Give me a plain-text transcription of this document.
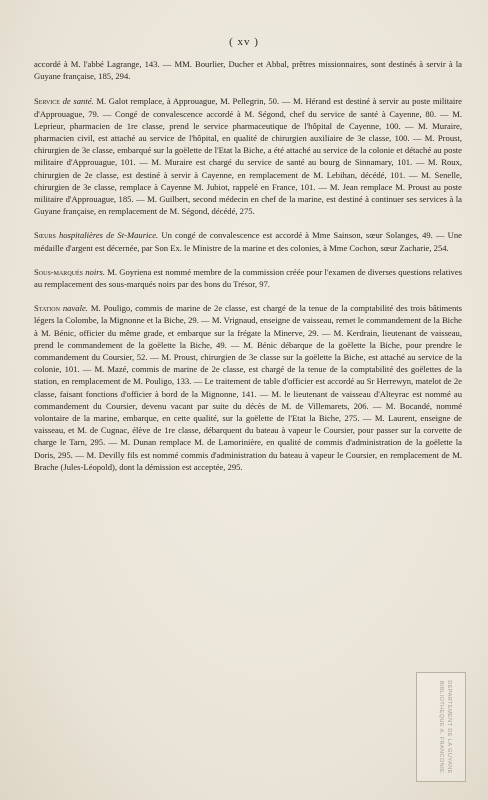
( xv )

accordé à M. l'abbé Lagrange, 143. — MM. Bourlier, Ducher et Abbal, prêtres missionnaires, sont destinés à servir à la Guyane française, 185, 294.

Service de santé. M. Galot remplace, à Approuague, M. Pellegrin, 50. — M. Hérand est destiné à servir au poste militaire d'Approuague, 79. — Congé de convalescence accordé à M. Ségond, chef du service de santé à Cayenne, 80. — M. Leprieur, pharmacien de 1re classe, prend le service pharmaceutique de l'hôpital de Cayenne, 100. — M. Muraire, pharmacien civil, est attaché au service de l'hôpital, en qualité de chirurgien auxiliaire de 3e classe, 100. — M. Proust, chirurgien de 3e classe, embarqué sur la goëlette de l'Etat la Biche, a été attaché au service de la colonie et détaché au poste militaire d'Approuague, 101. — M. Muraire est chargé du service de santé au bourg de Sinnamary, 101. — M. Roux, chirurgien de 2e classe, est destiné à servir à Cayenne, en remplacement de M. Lebihan, décédé, 101. — M. Senelle, chirurgien de 3e classe, remplace à Cayenne M. Jubiot, rappelé en France, 101. — M. Jean remplace M. Proust au poste militaire d'Approuague, 185. — M. Guilbert, second médecin en chef de la marine, est destiné à continuer ses services à la Guyane française, en remplacement de M. Ségond, décédé, 275.

Sœurs hospitalières de St-Maurice. Un congé de convalescence est accordé à Mme Sainson, sœur Solanges, 49. — Une médaille d'argent est décernée, par Son Ex. le Ministre de la marine et des colonies, à Mme Cochon, sœur Zacharie, 254.

Sous-marqués noirs. M. Goyriena est nommé membre de la commission créée pour l'examen de diverses questions relatives au remplacement des sous-marqués noirs par des bons du Trésor, 97.

Station navale. M. Pouligo, commis de marine de 2e classe, est chargé de la tenue de la comptabilité des trois bâtiments légers la Colombe, la Mignonne et la Biche, 29. — M. Vrignaud, enseigne de vaisseau, remet le commandement de la Biche à M. Bénic, officier du même grade, et embarque sur la frégate la Minerve, 29. — M. Kerdrain, lieutenant de vaisseau, prend le commandement de la goëlette la Biche, 49. — M. Bénic débarque de la goëlette la Biche, pour prendre le commandement du Coursier, 52. — M. Proust, chirurgien de 3e classe sur la goëlette la Biche, est attaché au service de la colonie, 101. — M. Mazé, commis de marine de 2e classe, est chargé de la tenue de la comptabilité des goëlettes de la station, en remplacement de M. Pouligo, 133. — Le traitement de table d'officier est accordé au Sr Herrewyn, matelot de 2e classe, faisant fonctions d'officier à bord de la Mignonne, 141. — M. le lieutenant de vaisseau d'Alteyrac est nommé au commandement du Coursier, devenu vacant par suite du décès de M. de Villemarets, 206. — M. Bocandé, nommé volontaire de la marine, embarque, en cette qualité, sur la goëlette de l'Etat la Biche, 275. — M. Laurent, enseigne de vaisseau, et M. de Cugnac, élève de 1re classe, débarquent du bateau à vapeur le Coursier, pour passer sur la corvette de charge le Tarn, 295. — M. Dunan remplace M. de Lamorinière, en qualité de commis d'administration de la goëlette la Doris, 295. — M. Devilly fils est nommé commis d'administration du bateau à vapeur le Coursier, en remplacement de M. Brache (Jules-Léopold), dont la démission est acceptée, 295.

DEPARTEMENT DE LA GUYANE BIBLIOTHEQUE A. FRANCONIE
